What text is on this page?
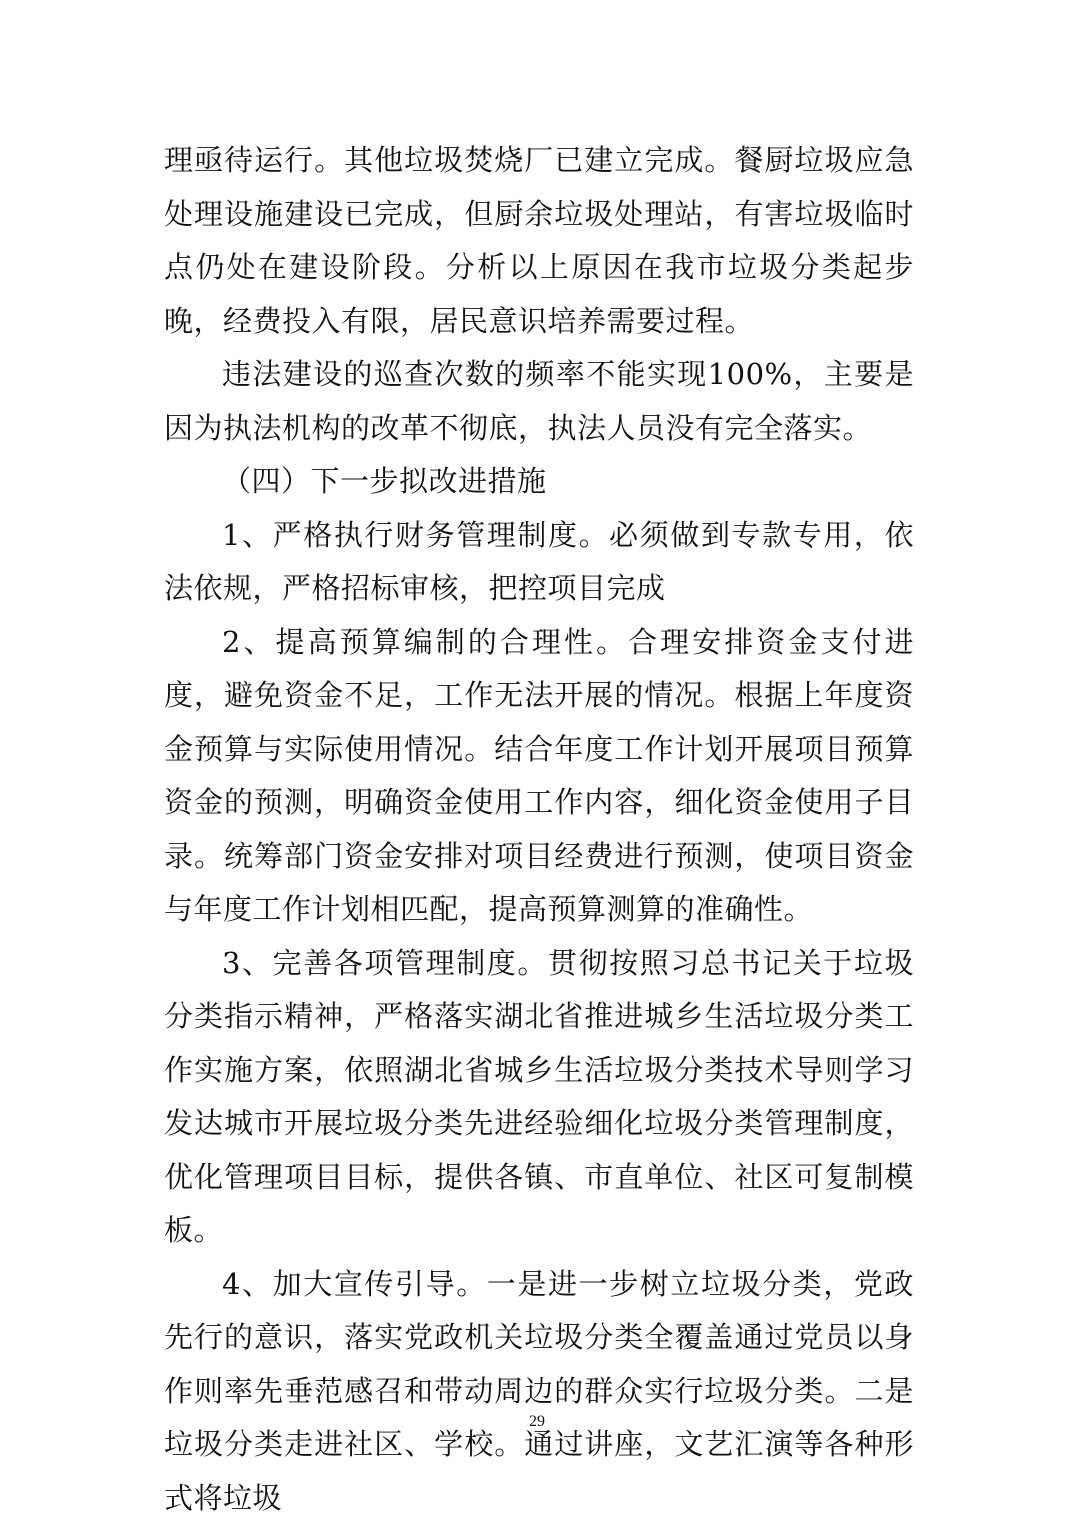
理亟待运行。其他垃圾焚烧厂已建立完成。餐厨垃圾应急处理设施建设已完成，但厨余垃圾处理站，有害垃圾临时点仍处在建设阶段。分析以上原因在我市垃圾分类起步晚，经费投入有限，居民意识培养需要过程。

违法建设的巡查次数的频率不能实现100%，主要是因为执法机构的改革不彻底，执法人员没有完全落实。

（四）下一步拟改进措施

1、严格执行财务管理制度。必须做到专款专用，依法依规，严格招标审核，把控项目完成

2、提高预算编制的合理性。合理安排资金支付进度，避免资金不足，工作无法开展的情况。根据上年度资金预算与实际使用情况。结合年度工作计划开展项目预算资金的预测，明确资金使用工作内容，细化资金使用子目录。统筹部门资金安排对项目经费进行预测，使项目资金与年度工作计划相匹配，提高预算测算的准确性。

3、完善各项管理制度。贯彻按照习总书记关于垃圾分类指示精神，严格落实湖北省推进城乡生活垃圾分类工作实施方案，依照湖北省城乡生活垃圾分类技术导则学习发达城市开展垃圾分类先进经验细化垃圾分类管理制度，优化管理项目目标，提供各镇、市直单位、社区可复制模板。

4、加大宣传引导。一是进一步树立垃圾分类，党政先行的意识，落实党政机关垃圾分类全覆盖通过党员以身作则率先垂范感召和带动周边的群众实行垃圾分类。二是垃圾分类走进社区、学校。通过讲座，文艺汇演等各种形式将垃圾

29
